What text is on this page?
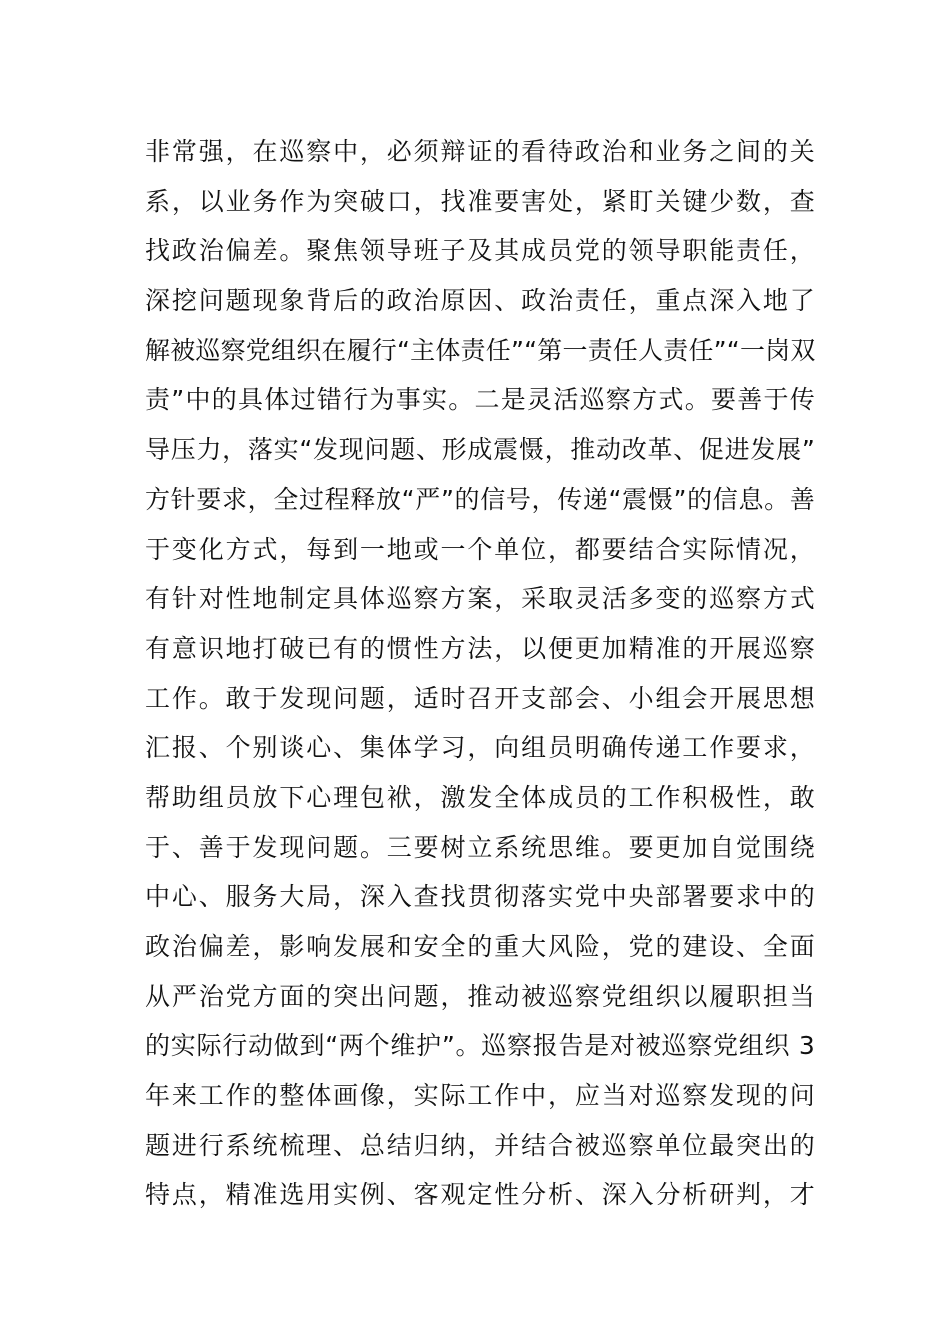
非常强，在巡察中，必须辩证的看待政治和业务之间的关
系，以业务作为突破口，找准要害处，紧盯关键少数，查
找政治偏差。聚焦领导班子及其成员党的领导职能责任，
深挖问题现象背后的政治原因、政治责任，重点深入地了
解被巡察党组织在履行“主体责任”“第一责任人责任”“一岗双
责”中的具体过错行为事实。二是灵活巡察方式。要善于传
导压力，落实“发现问题、形成震慑，推动改革、促进发展”
方针要求，全过程释放“严”的信号，传递“震慑”的信息。善
于变化方式，每到一地或一个单位，都要结合实际情况，
有针对性地制定具体巡察方案，采取灵活多变的巡察方式
有意识地打破已有的惯性方法，以便更加精准的开展巡察
工作。敢于发现问题，适时召开支部会、小组会开展思想
汇报、个别谈心、集体学习，向组员明确传递工作要求，
帮助组员放下心理包袱，激发全体成员的工作积极性，敢
于、善于发现问题。三要树立系统思维。要更加自觉围绕
中心、服务大局，深入查找贯彻落实党中央部署要求中的
政治偏差，影响发展和安全的重大风险，党的建设、全面
从严治党方面的突出问题，推动被巡察党组织以履职担当
的实际行动做到“两个维护”。巡察报告是对被巡察党组织 3
年来工作的整体画像，实际工作中，应当对巡察发现的问
题进行系统梳理、总结归纳，并结合被巡察单位最突出的
特点，精准选用实例、客观定性分析、深入分析研判，才
